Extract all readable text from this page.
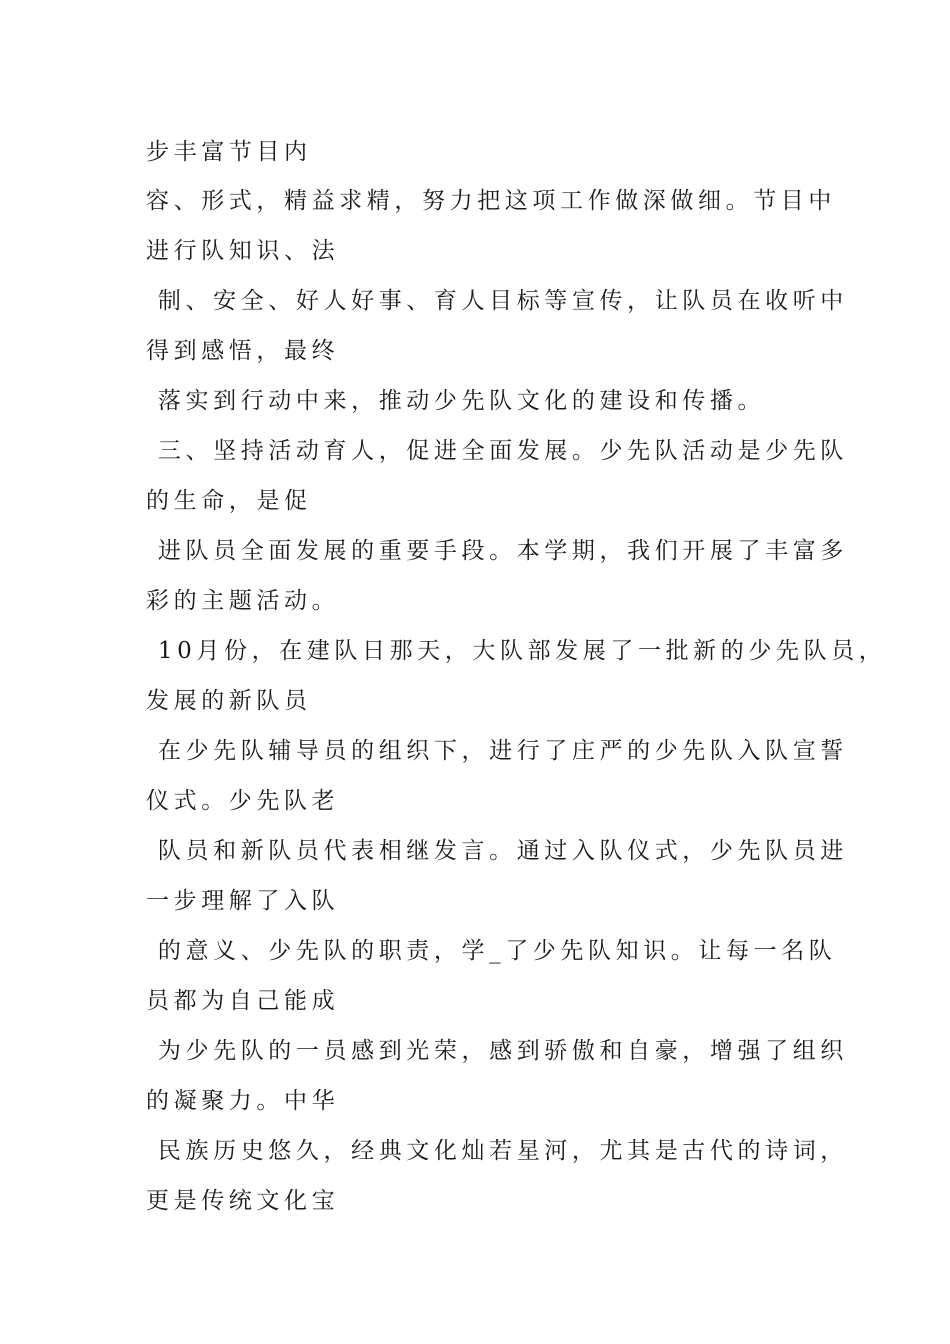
步丰富节目内
容、形式，精益求精，努力把这项工作做深做细。节目中
进行队知识、法
制、安全、好人好事、育人目标等宣传，让队员在收听中
得到感悟，最终
落实到行动中来，推动少先队文化的建设和传播。
三、坚持活动育人，促进全面发展。少先队活动是少先队
的生命，是促
进队员全面发展的重要手段。本学期，我们开展了丰富多
彩的主题活动。
10月份，在建队日那天，大队部发展了一批新的少先队员，
发展的新队员
在少先队辅导员的组织下，进行了庄严的少先队入队宣誓
仪式。少先队老
队员和新队员代表相继发言。通过入队仪式，少先队员进
一步理解了入队
的意义、少先队的职责，学_了少先队知识。让每一名队
员都为自己能成
为少先队的一员感到光荣，感到骄傲和自豪，增强了组织
的凝聚力。中华
民族历史悠久，经典文化灿若星河，尤其是古代的诗词，
更是传统文化宝
